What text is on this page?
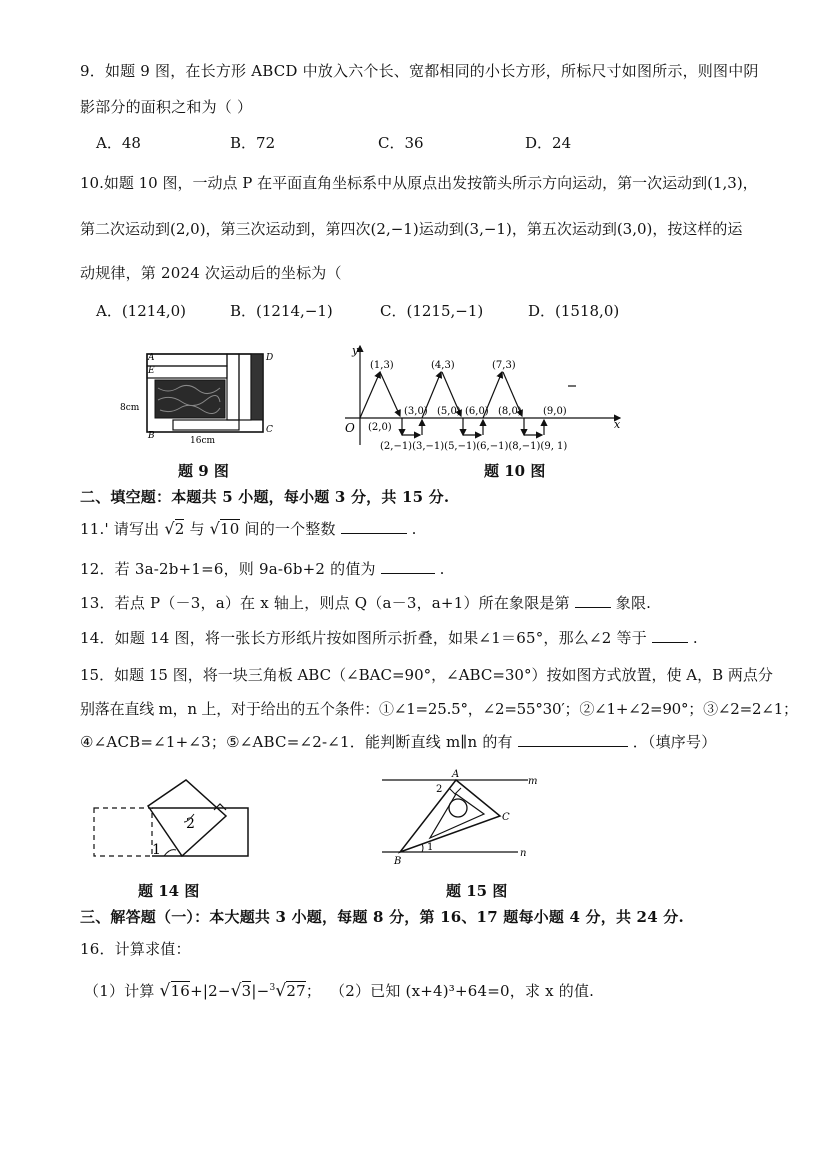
9．如题 9 图，在长方形 ABCD 中放入六个长、宽都相同的小长方形，所标尺寸如图所示，则图中阴
影部分的面积之和为（ ）
A．48	B．72	C．36	D．24
10.如题 10 图，一动点 P 在平面直角坐标系中从原点出发按箭头所示方向运动，第一次运动到(1,3)，
第二次运动到(2,0)，第三次运动到，第四次(2,−1)运动到(3,−1)，第五次运动到(3,0)，按这样的运
动规律，第 2024 次运动后的坐标为（
A．(1214,0)	B．(1214,−1)	C．(1215,−1)	D．(1518,0)
A
E
B
C
D
8cm
16cm
题 9 图
y
x
O
(1,3)	(4,3)	(7,3)
(2,0)
(3,0) (5,0) (6,0) (8,0) (9,0)
(2,−1)(3,−1)(5,−1)(6,−1)(8,−1)(9, 1)
题 10 图
二、填空题：本题共 5 小题，每小题 3 分，共 15 分.
11.' 请写出 √2 与 √10 间的一个整数	.
12．若 3a-2b+1=6，则 9a-6b+2 的值为	.
13．若点 P（－3，a）在 x 轴上，则点 Q（a－3，a+1）所在象限是第	象限.
14．如题 14 图，将一张长方形纸片按如图所示折叠，如果∠1＝65°，那么∠2 等于	.
15．如题 15 图，将一块三角板 ABC（∠BAC=90°，∠ABC=30°）按如图方式放置，使 A，B 两点分
别落在直线 m，n 上，对于给出的五个条件：①∠1=25.5°，∠2=55°30′；②∠1+∠2=90°；③∠2=2∠1；
④∠ACB=∠1+∠3；⑤∠ABC=∠2-∠1．能判断直线 m∥n 的有	．（填序号）
1
2
题 14 图
A
B
C
m
n
1
2
题 15 图
三、解答题（一）：本大题共 3 小题，每题 8 分，第 16、17 题每小题 4 分，共 24 分.
16．计算求值：
（1）计算 √16+|2−√3|−$^3$√27； （2）已知 (x+4)³+64=0，求 x 的值.
